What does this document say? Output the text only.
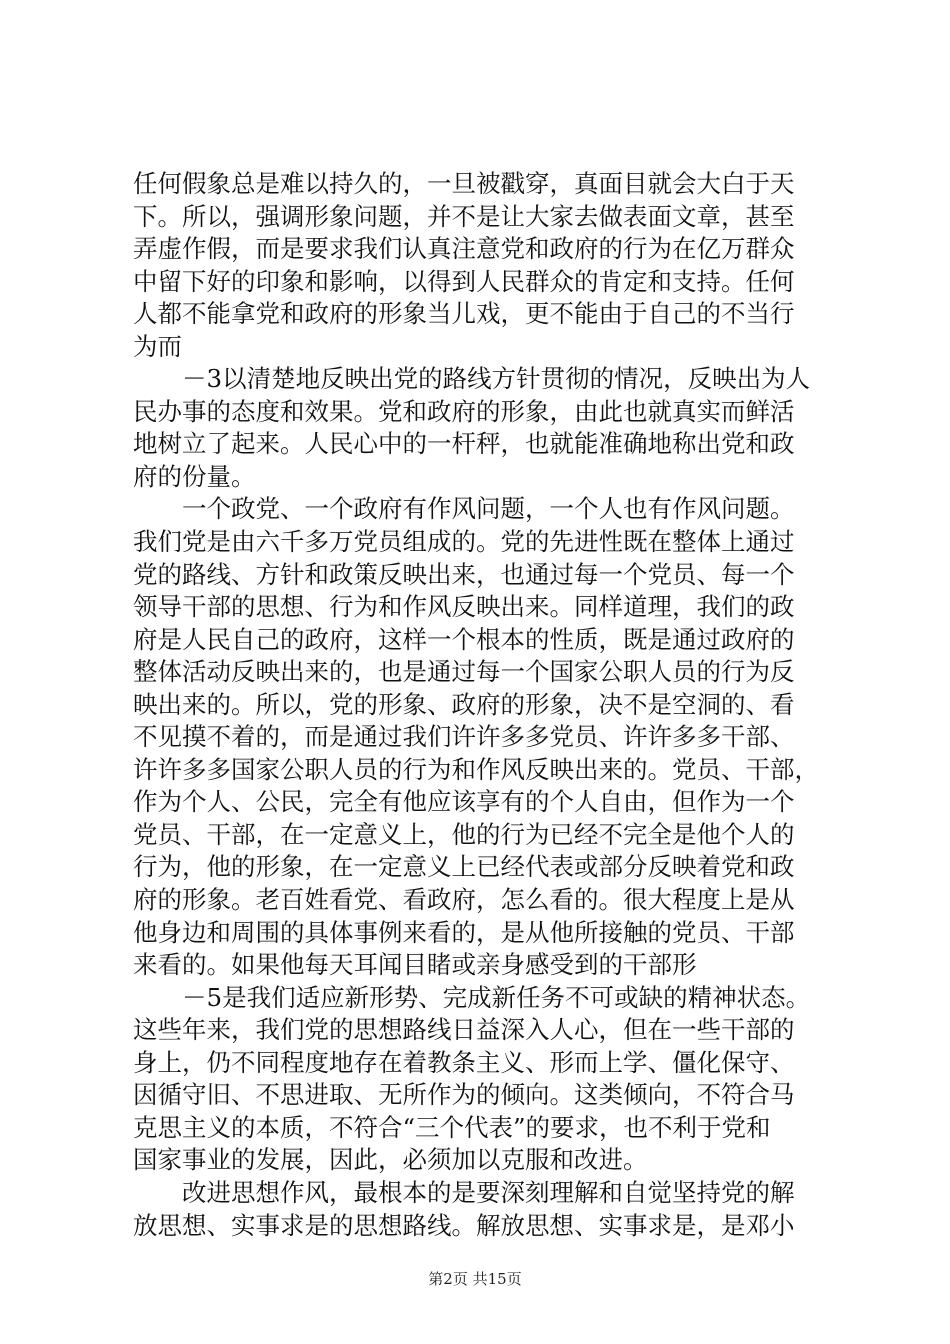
任何假象总是难以持久的，一旦被戳穿，真面目就会大白于天
下。所以，强调形象问题，并不是让大家去做表面文章，甚至
弄虚作假，而是要求我们认真注意党和政府的行为在亿万群众
中留下好的印象和影响，以得到人民群众的肯定和支持。任何
人都不能拿党和政府的形象当儿戏，更不能由于自己的不当行
为而

－3以清楚地反映出党的路线方针贯彻的情况，反映出为人
民办事的态度和效果。党和政府的形象，由此也就真实而鲜活
地树立了起来。人民心中的一杆秤，也就能准确地称出党和政
府的份量。

一个政党、一个政府有作风问题，一个人也有作风问题。
我们党是由六千多万党员组成的。党的先进性既在整体上通过
党的路线、方针和政策反映出来，也通过每一个党员、每一个
领导干部的思想、行为和作风反映出来。同样道理，我们的政
府是人民自己的政府，这样一个根本的性质，既是通过政府的
整体活动反映出来的，也是通过每一个国家公职人员的行为反
映出来的。所以，党的形象、政府的形象，决不是空洞的、看
不见摸不着的，而是通过我们许许多多党员、许许多多干部、
许许多多国家公职人员的行为和作风反映出来的。党员、干部，
作为个人、公民，完全有他应该享有的个人自由，但作为一个
党员、干部，在一定意义上，他的行为已经不完全是他个人的
行为，他的形象，在一定意义上已经代表或部分反映着党和政
府的形象。老百姓看党、看政府，怎么看的。很大程度上是从
他身边和周围的具体事例来看的，是从他所接触的党员、干部
来看的。如果他每天耳闻目睹或亲身感受到的干部形

－5是我们适应新形势、完成新任务不可或缺的精神状态。
这些年来，我们党的思想路线日益深入人心，但在一些干部的
身上，仍不同程度地存在着教条主义、形而上学、僵化保守、
因循守旧、不思进取、无所作为的倾向。这类倾向，不符合马
克思主义的本质，不符合“三个代表”的要求，也不利于党和
国家事业的发展，因此，必须加以克服和改进。

改进思想作风，最根本的是要深刻理解和自觉坚持党的解
放思想、实事求是的思想路线。解放思想、实事求是，是邓小

第2页 共15页
